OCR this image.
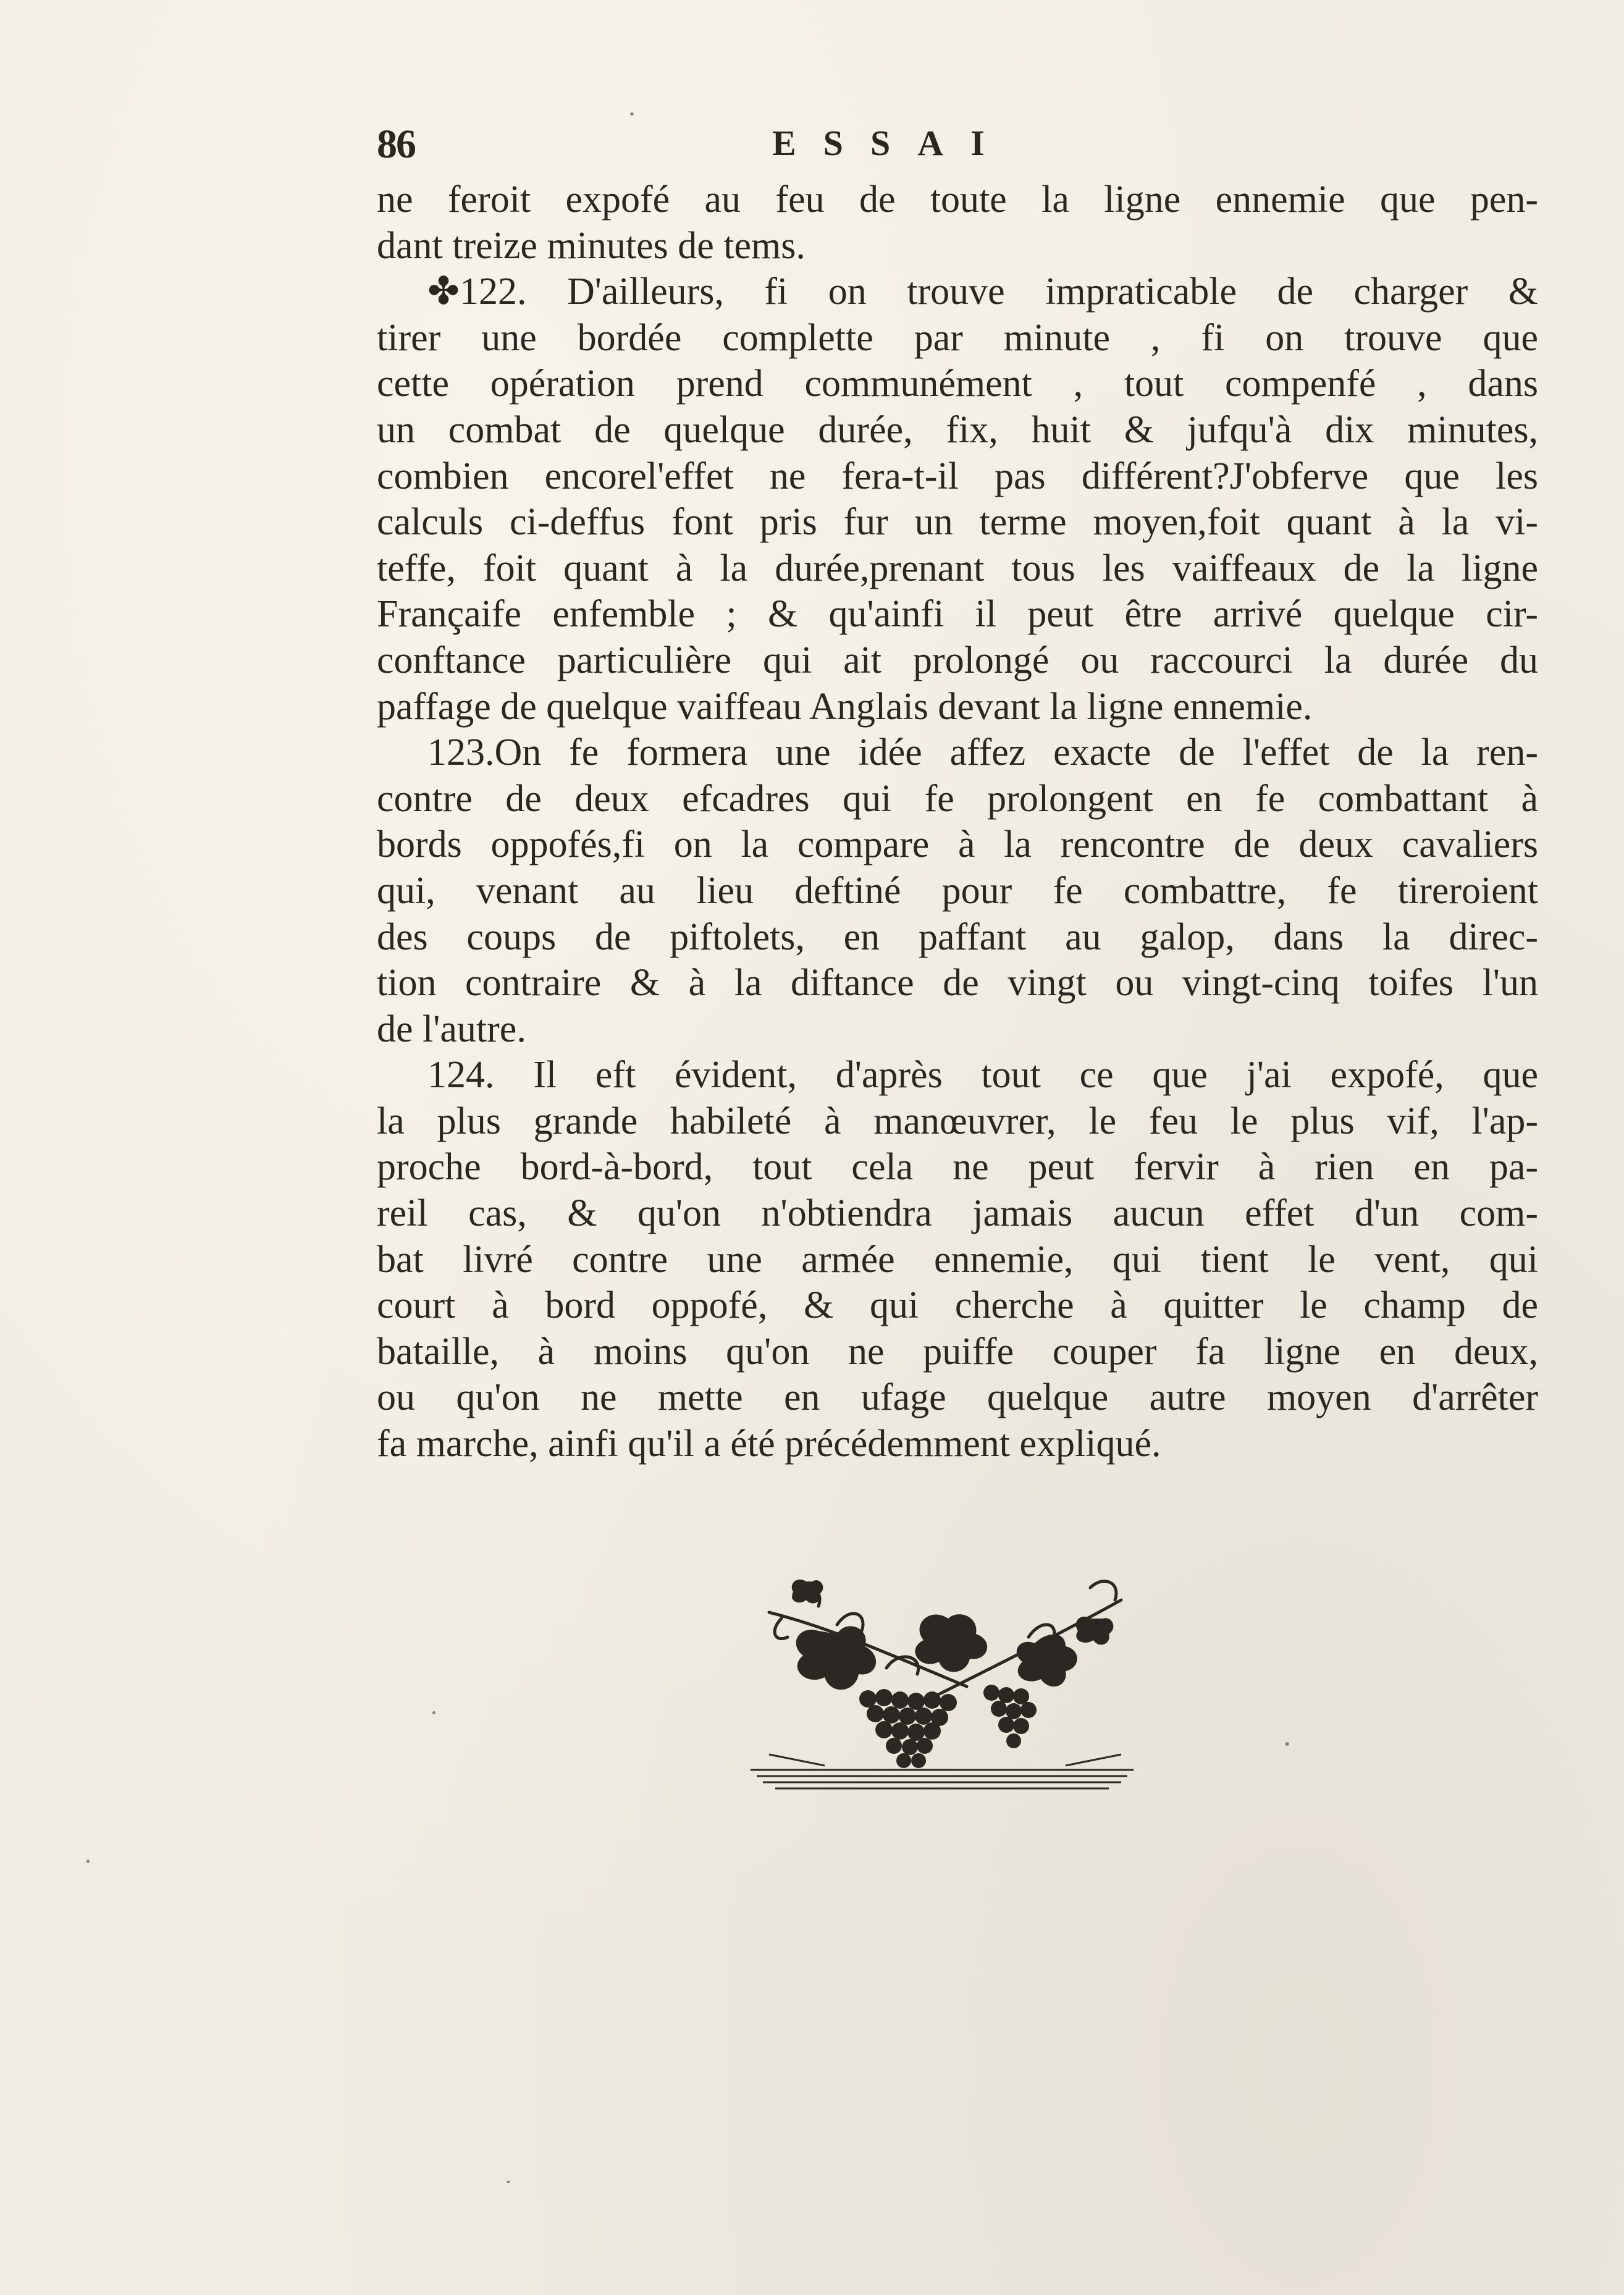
86	ESSAI
ne feroit expofé au feu de toute la ligne ennemie que pen-
dant treize minutes de tems.
✤122. D'ailleurs, fi on trouve impraticable de charger &
tirer une bordée complette par minute , fi on trouve que
cette opération prend communément , tout compenfé , dans
un combat de quelque durée, fix, huit & jufqu'à dix minutes,
combien encorel'effet ne fera-t-il pas différent?J'obferve que les
calculs ci-deffus font pris fur un terme moyen,foit quant à la vi-
teffe, foit quant à la durée,prenant tous les vaiffeaux de la ligne
Françaife enfemble ; & qu'ainfi il peut être arrivé quelque cir-
conftance particulière qui ait prolongé ou raccourci la durée du
paffage de quelque vaiffeau Anglais devant la ligne ennemie.
123.On fe formera une idée affez exacte de l'effet de la ren-
contre de deux efcadres qui fe prolongent en fe combattant à
bords oppofés,fi on la compare à la rencontre de deux cavaliers
qui, venant au lieu deftiné pour fe combattre, fe tireroient
des coups de piftolets, en paffant au galop, dans la direc-
tion contraire & à la diftance de vingt ou vingt-cinq toifes l'un
de l'autre.
124. Il eft évident, d'après tout ce que j'ai expofé, que
la plus grande habileté à manœuvrer, le feu le plus vif, l'ap-
proche bord-à-bord, tout cela ne peut fervir à rien en pa-
reil cas, & qu'on n'obtiendra jamais aucun effet d'un com-
bat livré contre une armée ennemie, qui tient le vent, qui
court à bord oppofé, & qui cherche à quitter le champ de
bataille, à moins qu'on ne puiffe couper fa ligne en deux,
ou qu'on ne mette en ufage quelque autre moyen d'arrêter
fa marche, ainfi qu'il a été précédemment expliqué.
